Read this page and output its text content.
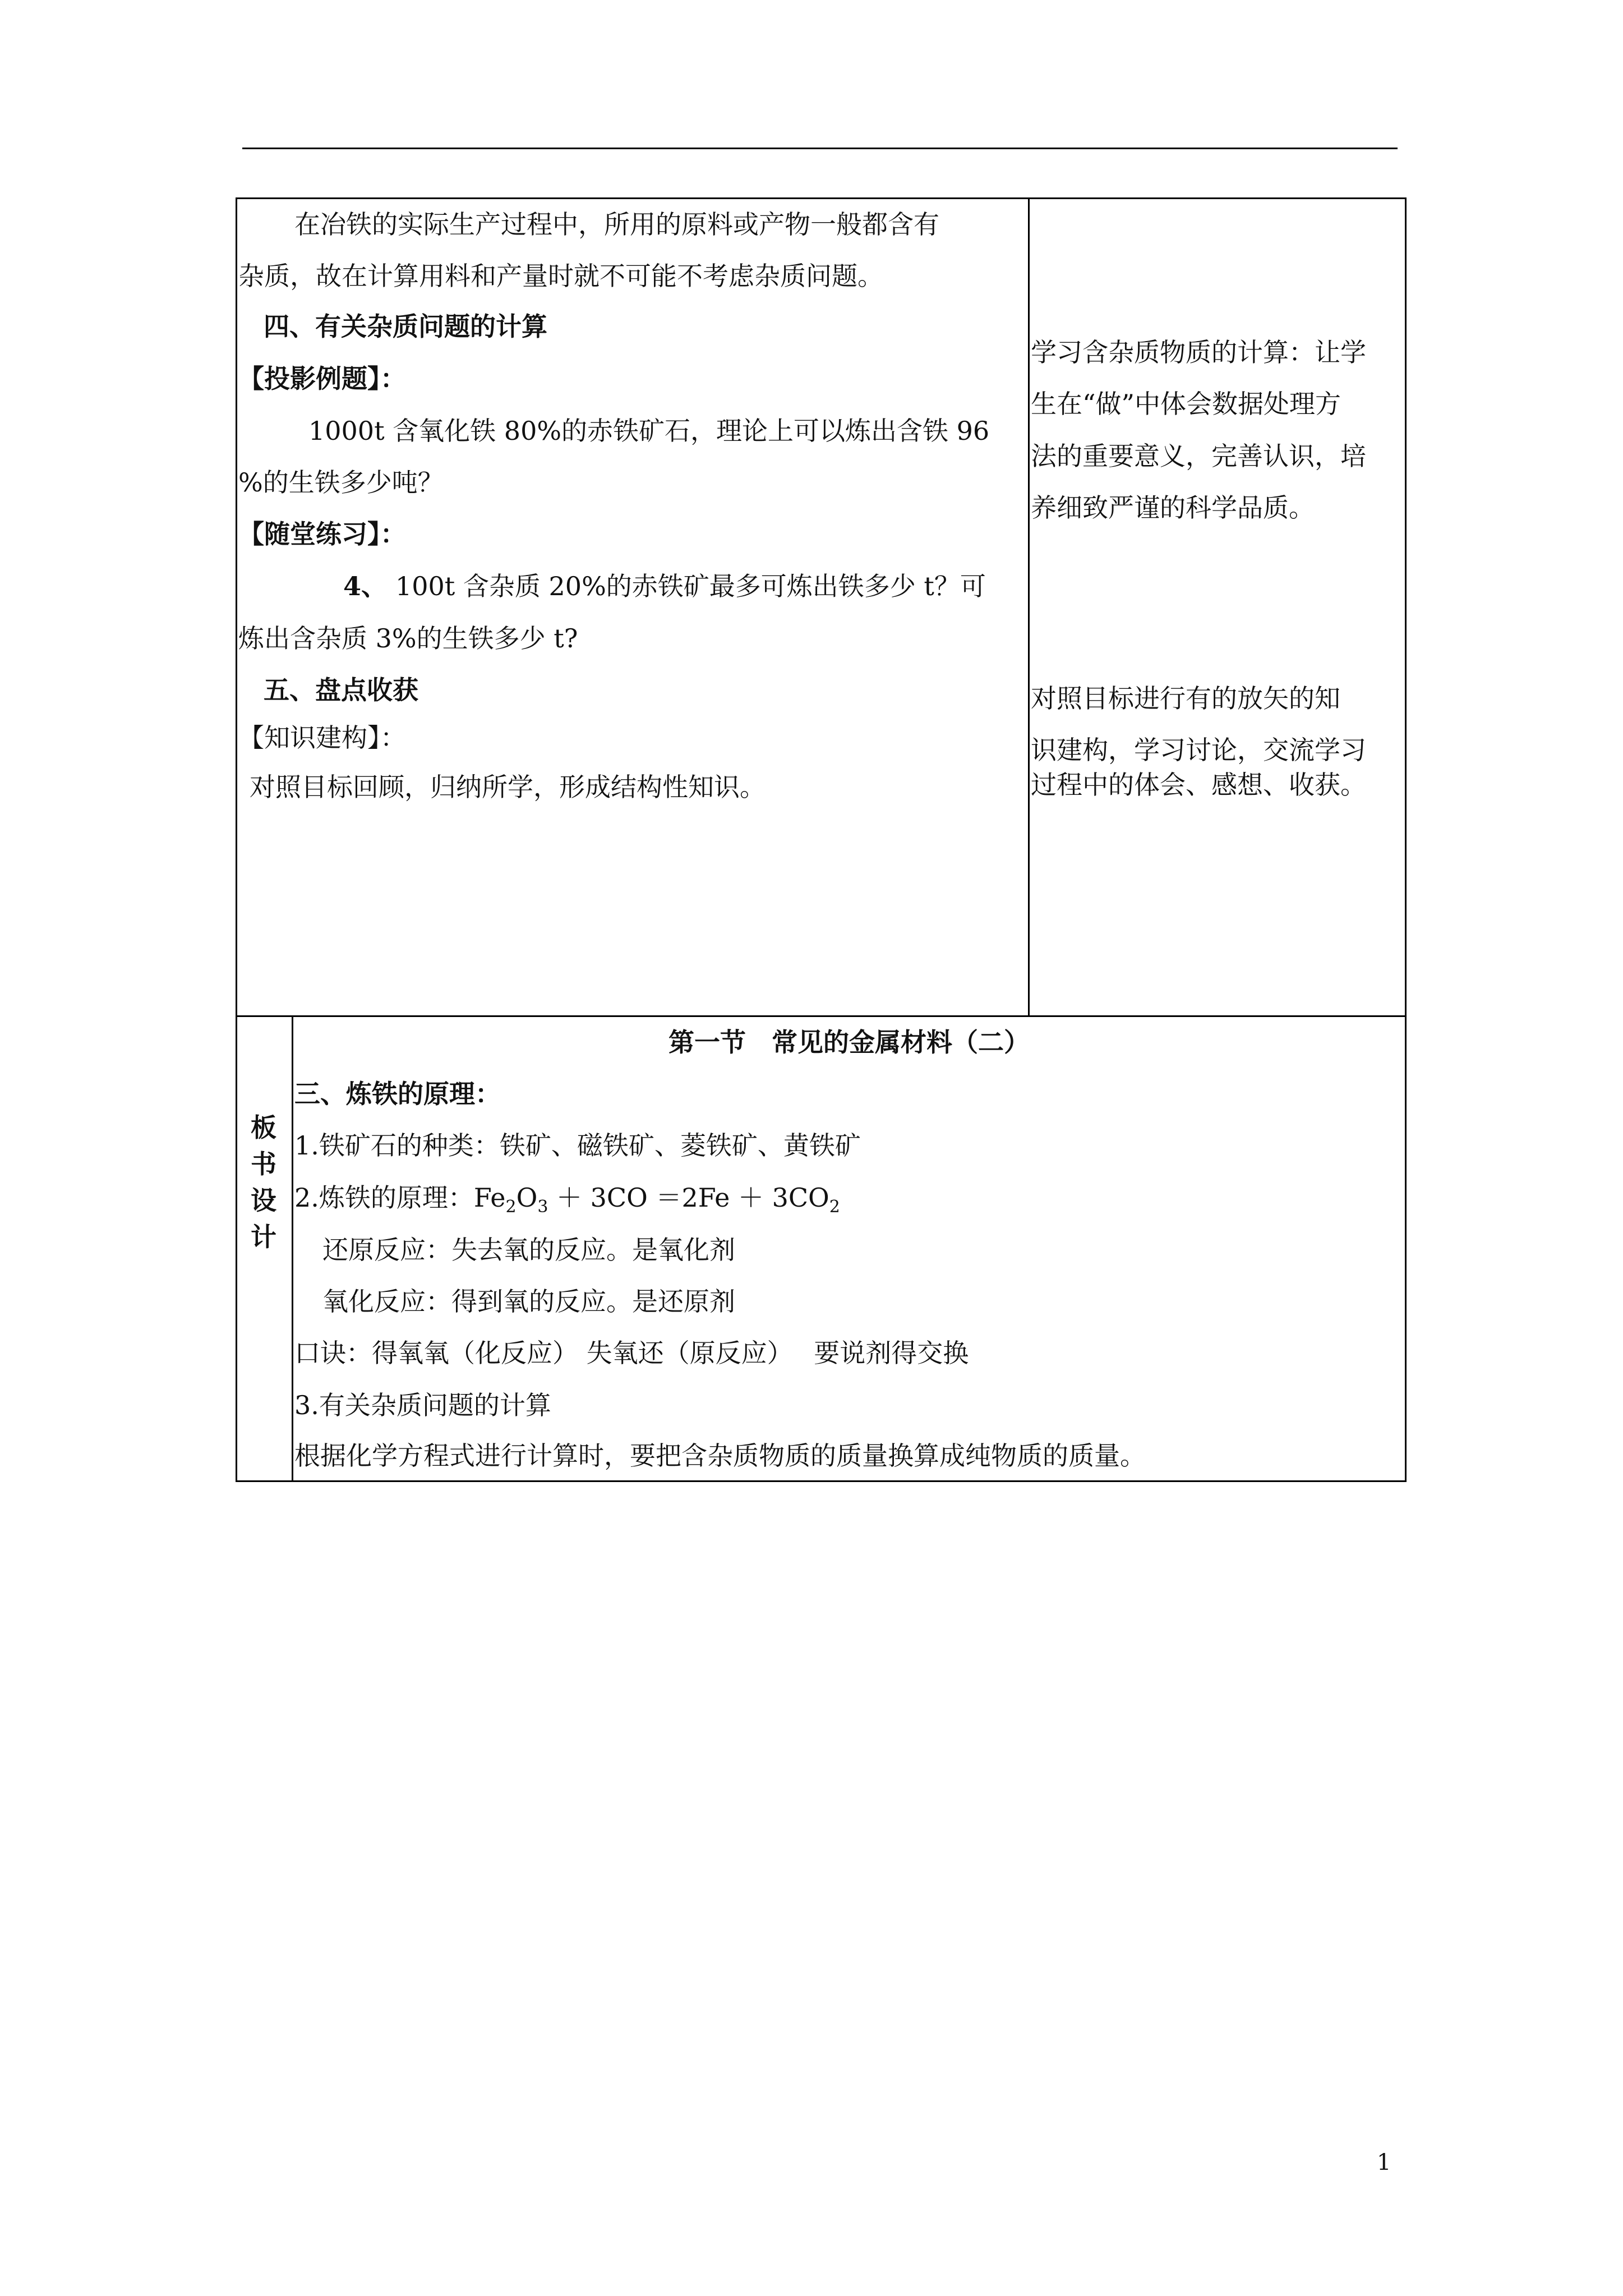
在冶铁的实际生产过程中，所用的原料或产物一般都含有
杂质，故在计算用料和产量时就不可能不考虑杂质问题。
四、有关杂质问题的计算
【投影例题】：
1000t 含氧化铁 80%的赤铁矿石，理论上可以炼出含铁 96
%的生铁多少吨？
【随堂练习】：
4、 100t 含杂质 20%的赤铁矿最多可炼出铁多少 t？可
炼出含杂质 3%的生铁多少 t?
五、盘点收获
【知识建构】：
对照目标回顾，归纳所学，形成结构性知识。
学习含杂质物质的计算：让学
生在“做”中体会数据处理方
法的重要意义，完善认识，培
养细致严谨的科学品质。
对照目标进行有的放矢的知
识建构，学习讨论，交流学习
过程中的体会、感想、收获。
板
书
设
计
第一节　常见的金属材料（二）
三、炼铁的原理：
1.铁矿石的种类：铁矿、磁铁矿、菱铁矿、黄铁矿
2.炼铁的原理：$Fe_2O_3 + 3CO =2Fe + 3CO_2$
还原反应：失去氧的反应。是氧化剂
氧化反应：得到氧的反应。是还原剂
口诀：得氧氧（化反应） 失氧还（原反应）　 要说剂得交换
3.有关杂质问题的计算
根据化学方程式进行计算时，要把含杂质物质的质量换算成纯物质的质量。
1
